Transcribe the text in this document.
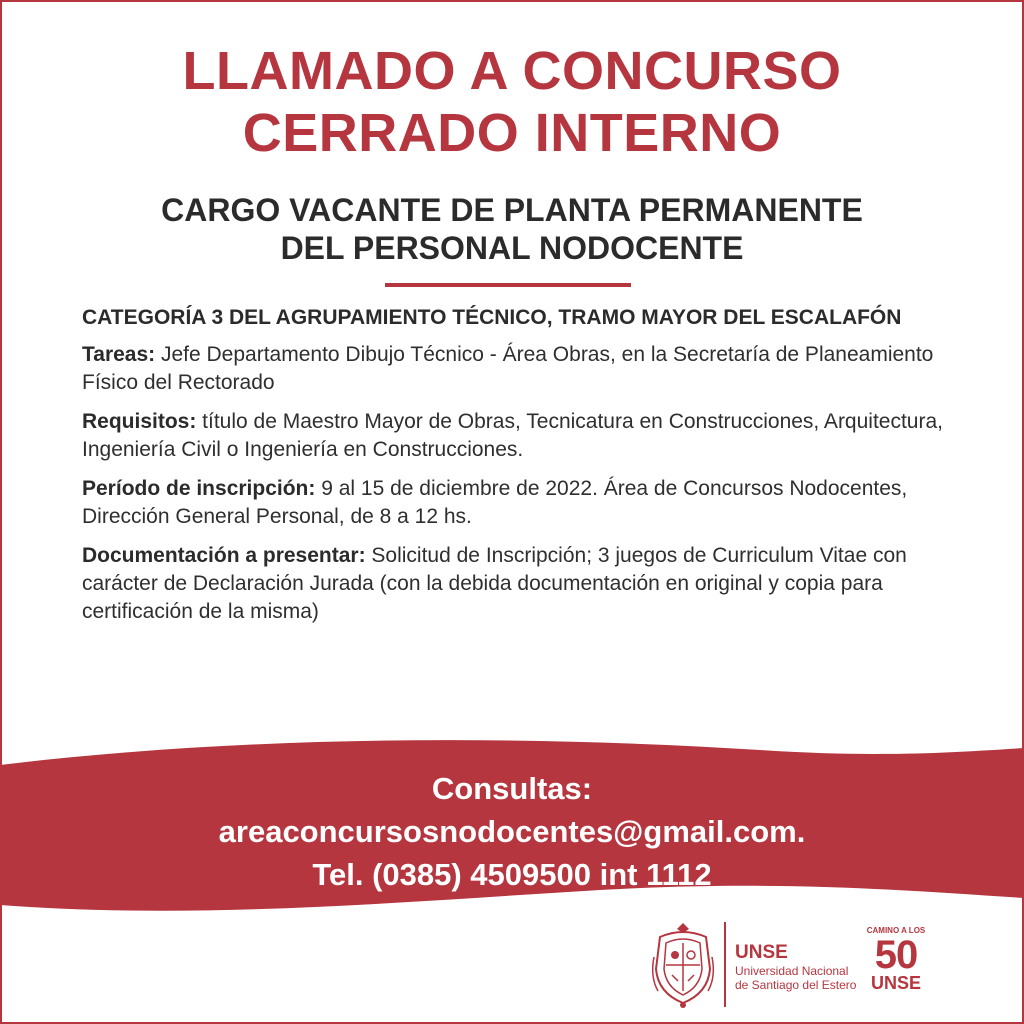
LLAMADO A CONCURSO
CERRADO INTERNO
CARGO VACANTE DE PLANTA PERMANENTE
DEL PERSONAL NODOCENTE
CATEGORÍA 3 DEL AGRUPAMIENTO TÉCNICO, TRAMO MAYOR DEL ESCALAFÓN
Tareas: Jefe Departamento Dibujo Técnico - Área Obras, en la Secretaría de Planeamiento Físico del Rectorado
Requisitos: título de Maestro Mayor de Obras, Tecnicatura en Construcciones, Arquitectura, Ingeniería Civil o Ingeniería en Construcciones.
Período de inscripción: 9 al 15 de diciembre de 2022. Área de Concursos Nodocentes, Dirección General Personal, de 8 a 12 hs.
Documentación a presentar: Solicitud de Inscripción; 3 juegos de Curriculum Vitae con carácter de Declaración Jurada (con la debida documentación en original y copia para certificación de la misma)
Consultas:
areaconcursosnodocentes@gmail.com.
Tel. (0385) 4509500 int 1112
UNSE
Universidad Nacional
de Santiago del Estero
CAMINO A LOS
50
UNSE
